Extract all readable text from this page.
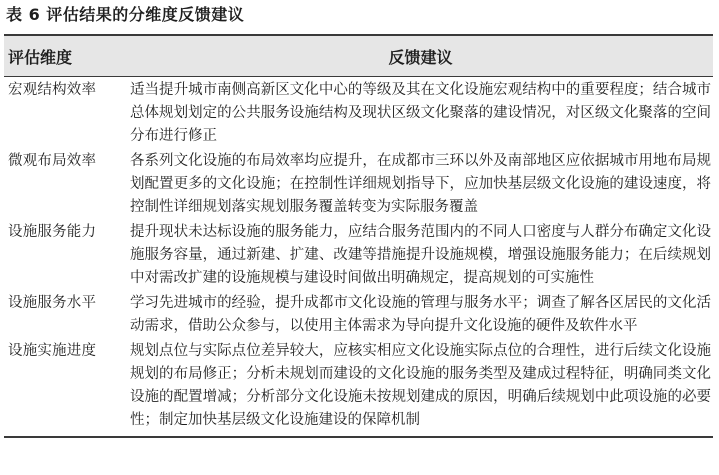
表 6 评估结果的分维度反馈建议
评估维度	反馈建议
宏观结构效率	适当提升城市南侧高新区文化中心的等级及其在文化设施宏观结构中的重要程度；结合城市总体规划划定的公共服务设施结构及现状区级文化聚落的建设情况，对区级文化聚落的空间分布进行修正
微观布局效率	各系列文化设施的布局效率均应提升，在成都市三环以外及南部地区应依据城市用地布局规划配置更多的文化设施；在控制性详细规划指导下，应加快基层级文化设施的建设速度，将控制性详细规划落实规划服务覆盖转变为实际服务覆盖
设施服务能力	提升现状未达标设施的服务能力，应结合服务范围内的不同人口密度与人群分布确定文化设施服务容量，通过新建、扩建、改建等措施提升设施规模，增强设施服务能力；在后续规划中对需改扩建的设施规模与建设时间做出明确规定，提高规划的可实施性
设施服务水平	学习先进城市的经验，提升成都市文化设施的管理与服务水平；调查了解各区居民的文化活动需求，借助公众参与，以使用主体需求为导向提升文化设施的硬件及软件水平
设施实施进度	规划点位与实际点位差异较大，应核实相应文化设施实际点位的合理性，进行后续文化设施规划的布局修正；分析未规划而建设的文化设施的服务类型及建成过程特征，明确同类文化设施的配置增减；分析部分文化设施未按规划建成的原因，明确后续规划中此项设施的必要性；制定加快基层级文化设施建设的保障机制
